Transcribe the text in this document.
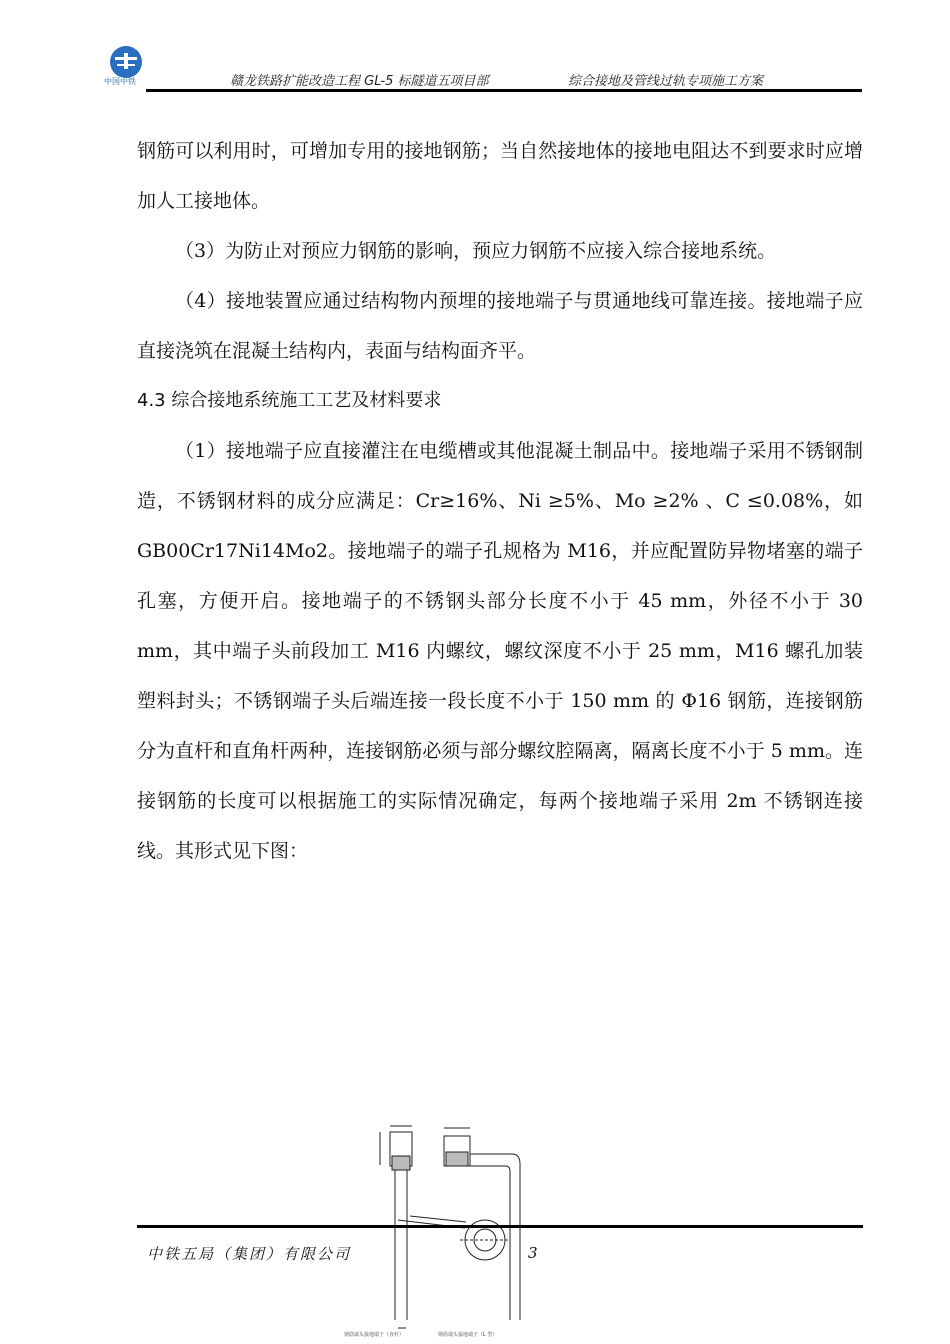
中国中铁	赣龙铁路扩能改造工程 GL-5 标隧道五项目部	综合接地及管线过轨专项施工方案

钢筋可以利用时，可增加专用的接地钢筋；当自然接地体的接地电阻达不到要求时应增加人工接地体。

（3）为防止对预应力钢筋的影响，预应力钢筋不应接入综合接地系统。

（4）接地装置应通过结构物内预埋的接地端子与贯通地线可靠连接。接地端子应直接浇筑在混凝土结构内，表面与结构面齐平。

4.3 综合接地系统施工工艺及材料要求

（1）接地端子应直接灌注在电缆槽或其他混凝土制品中。接地端子采用不锈钢制造，不锈钢材料的成分应满足：Cr≥16%、Ni ≥5%、Mo ≥2% 、C ≤0.08%，如 GB00Cr17Ni14Mo2。接地端子的端子孔规格为 M16，并应配置防异物堵塞的端子孔塞，方便开启。接地端子的不锈钢头部分长度不小于 45 mm，外径不小于 30 mm，其中端子头前段加工 M16 内螺纹，螺纹深度不小于 25 mm，M16 螺孔加装塑料封头；不锈钢端子头后端连接一段长度不小于 150 mm 的 Φ16 钢筋，连接钢筋分为直杆和直角杆两种，连接钢筋必须与部分螺纹腔隔离，隔离长度不小于 5 mm。连接钢筋的长度可以根据施工的实际情况确定，每两个接地端子采用 2m 不锈钢连接线。其形式见下图：

钢筋端头接地端子（直杆）	钢筋端头接地端子（L 型）
中铁五局（集团）有限公司	3
